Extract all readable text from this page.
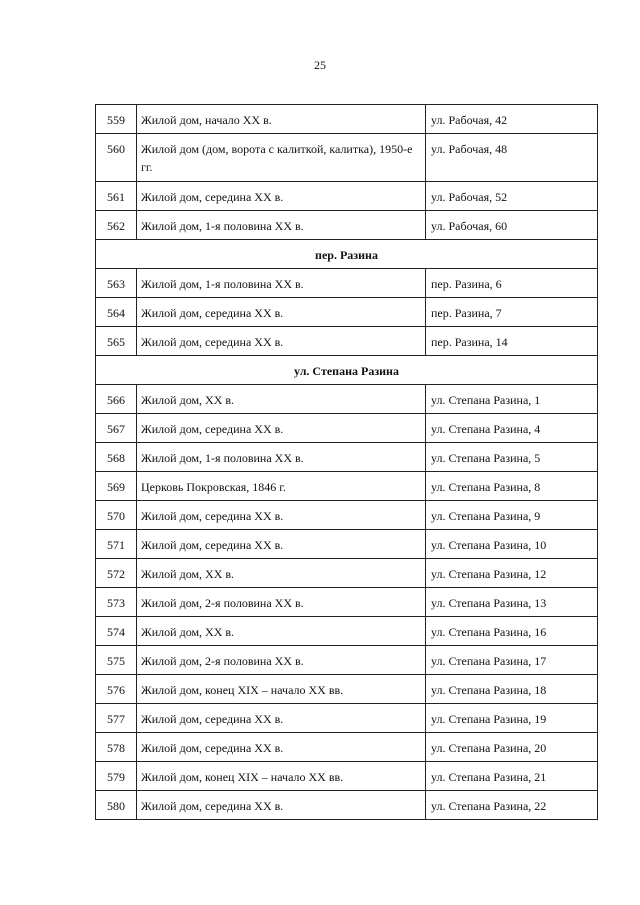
25
559	Жилой дом, начало XX в.	ул. Рабочая, 42
560	Жилой дом (дом, ворота с калиткой, калитка), 1950-е гг.	ул. Рабочая, 48
561	Жилой дом, середина XX в.	ул. Рабочая, 52
562	Жилой дом, 1-я половина XX в.	ул. Рабочая, 60
пер. Разина		
563	Жилой дом, 1-я половина XX в.	пер. Разина, 6
564	Жилой дом, середина XX в.	пер. Разина, 7
565	Жилой дом, середина XX в.	пер. Разина, 14
ул. Степана Разина		
566	Жилой дом, XX в.	ул. Степана Разина, 1
567	Жилой дом, середина XX в.	ул. Степана Разина, 4
568	Жилой дом, 1-я половина XX в.	ул. Степана Разина, 5
569	Церковь Покровская, 1846 г.	ул. Степана Разина, 8
570	Жилой дом, середина XX в.	ул. Степана Разина, 9
571	Жилой дом, середина XX в.	ул. Степана Разина, 10
572	Жилой дом, XX в.	ул. Степана Разина, 12
573	Жилой дом, 2-я половина XX в.	ул. Степана Разина, 13
574	Жилой дом, XX в.	ул. Степана Разина, 16
575	Жилой дом, 2-я половина XX в.	ул. Степана Разина, 17
576	Жилой дом, конец XIX – начало XX вв.	ул. Степана Разина, 18
577	Жилой дом, середина XX в.	ул. Степана Разина, 19
578	Жилой дом, середина XX в.	ул. Степана Разина, 20
579	Жилой дом, конец XIX – начало XX вв.	ул. Степана Разина, 21
580	Жилой дом, середина XX в.	ул. Степана Разина, 22
